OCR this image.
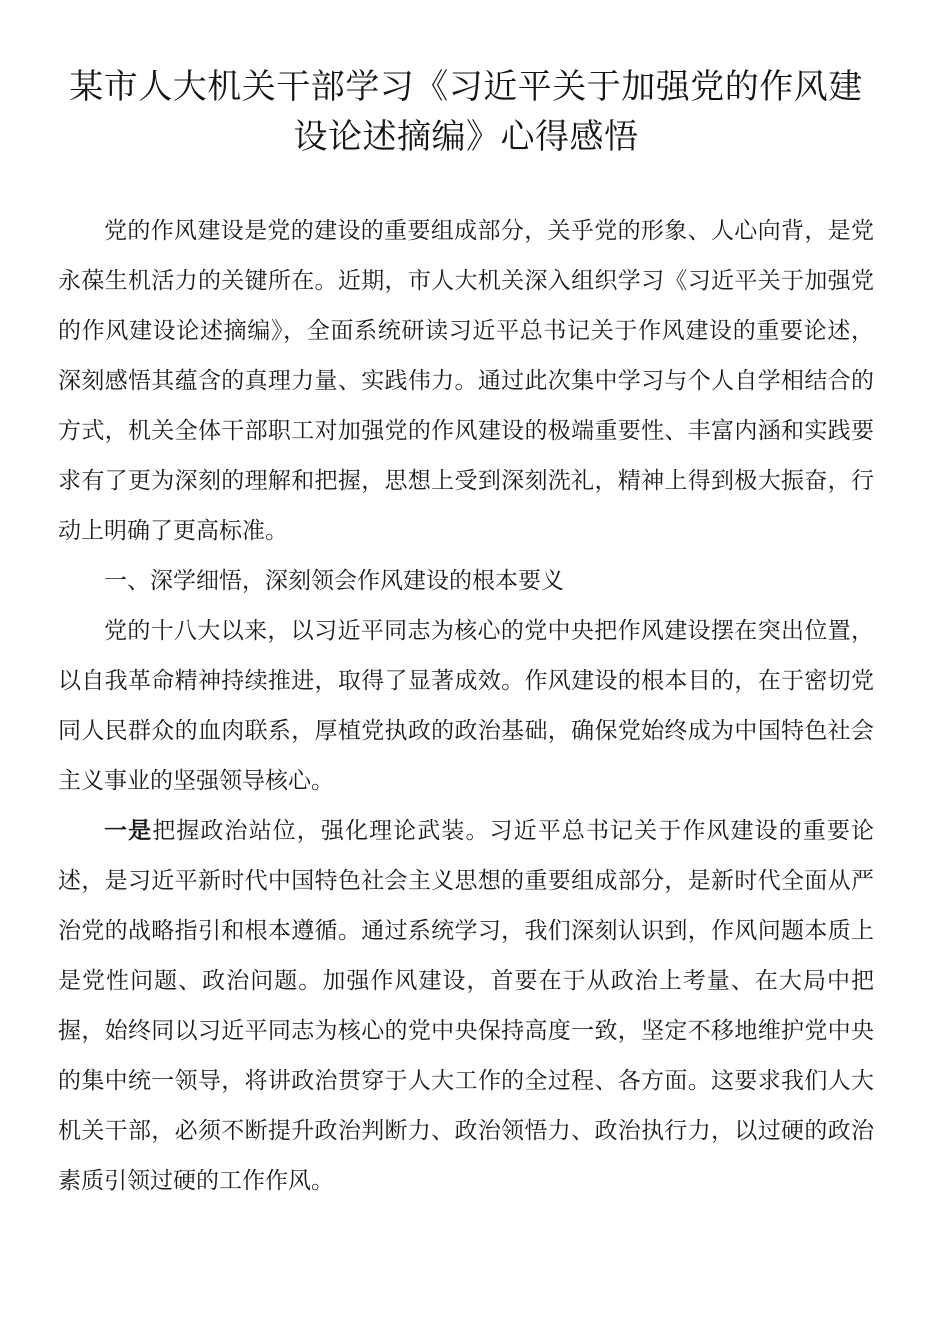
某市人大机关干部学习《习近平关于加强党的作风建设论述摘编》心得感悟

党的作风建设是党的建设的重要组成部分，关乎党的形象、人心向背，是党永葆生机活力的关键所在。近期，市人大机关深入组织学习《习近平关于加强党的作风建设论述摘编》，全面系统研读习近平总书记关于作风建设的重要论述，深刻感悟其蕴含的真理力量、实践伟力。通过此次集中学习与个人自学相结合的方式，机关全体干部职工对加强党的作风建设的极端重要性、丰富内涵和实践要求有了更为深刻的理解和把握，思想上受到深刻洗礼，精神上得到极大振奋，行动上明确了更高标准。

一、深学细悟，深刻领会作风建设的根本要义

党的十八大以来，以习近平同志为核心的党中央把作风建设摆在突出位置，以自我革命精神持续推进，取得了显著成效。作风建设的根本目的，在于密切党同人民群众的血肉联系，厚植党执政的政治基础，确保党始终成为中国特色社会主义事业的坚强领导核心。

一是把握政治站位，强化理论武装。习近平总书记关于作风建设的重要论述，是习近平新时代中国特色社会主义思想的重要组成部分，是新时代全面从严治党的战略指引和根本遵循。通过系统学习，我们深刻认识到，作风问题本质上是党性问题、政治问题。加强作风建设，首要在于从政治上考量、在大局中把握，始终同以习近平同志为核心的党中央保持高度一致，坚定不移地维护党中央的集中统一领导，将讲政治贯穿于人大工作的全过程、各方面。这要求我们人大机关干部，必须不断提升政治判断力、政治领悟力、政治执行力，以过硬的政治素质引领过硬的工作作风。
